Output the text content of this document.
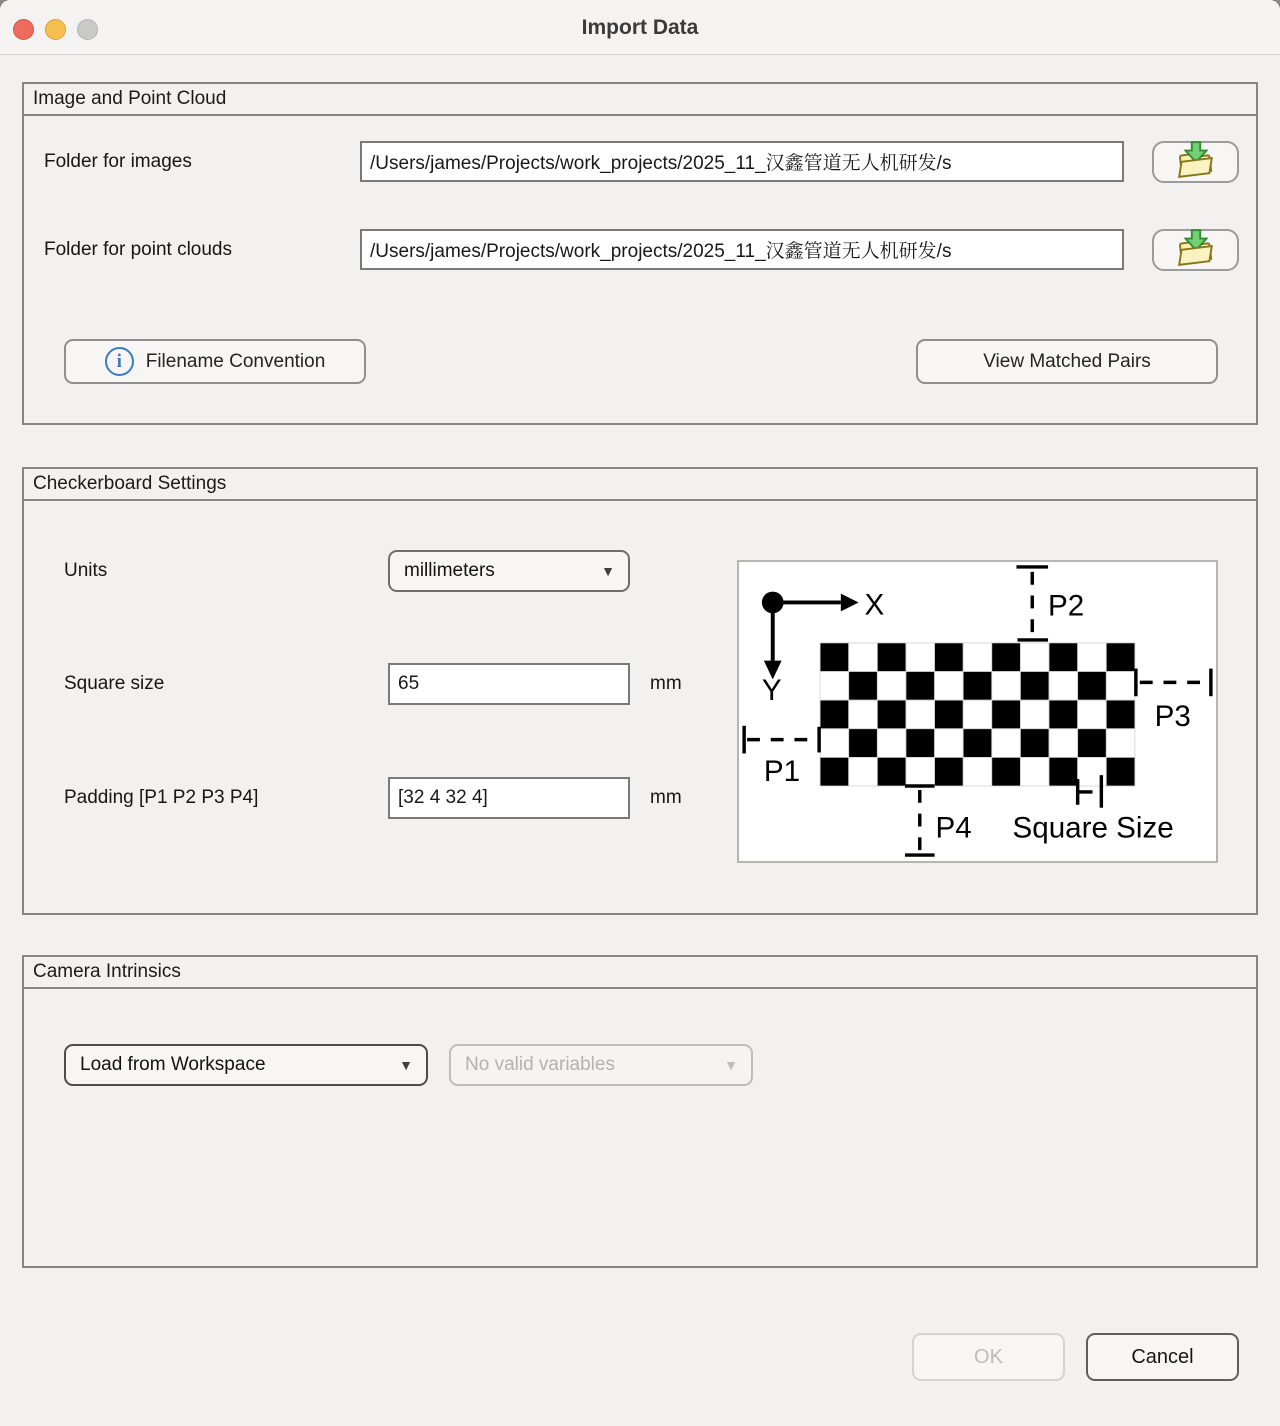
Import Data
Image and Point Cloud
Folder for images
/Users/james/Projects/work_projects/2025_11_汉鑫管道无人机研发/s
Folder for point clouds
/Users/james/Projects/work_projects/2025_11_汉鑫管道无人机研发/s
i	Filename Convention	View Matched Pairs
Checkerboard Settings
Units	millimeters	▼
Square size
65	mm
Padding [P1 P2 P3 P4]
[32 4 32 4]	mm
X
Y
P2
P1
P3
P4 Square Size
Camera Intrinsics
Load from Workspace	▼	No valid variables	▼
OK	Cancel
